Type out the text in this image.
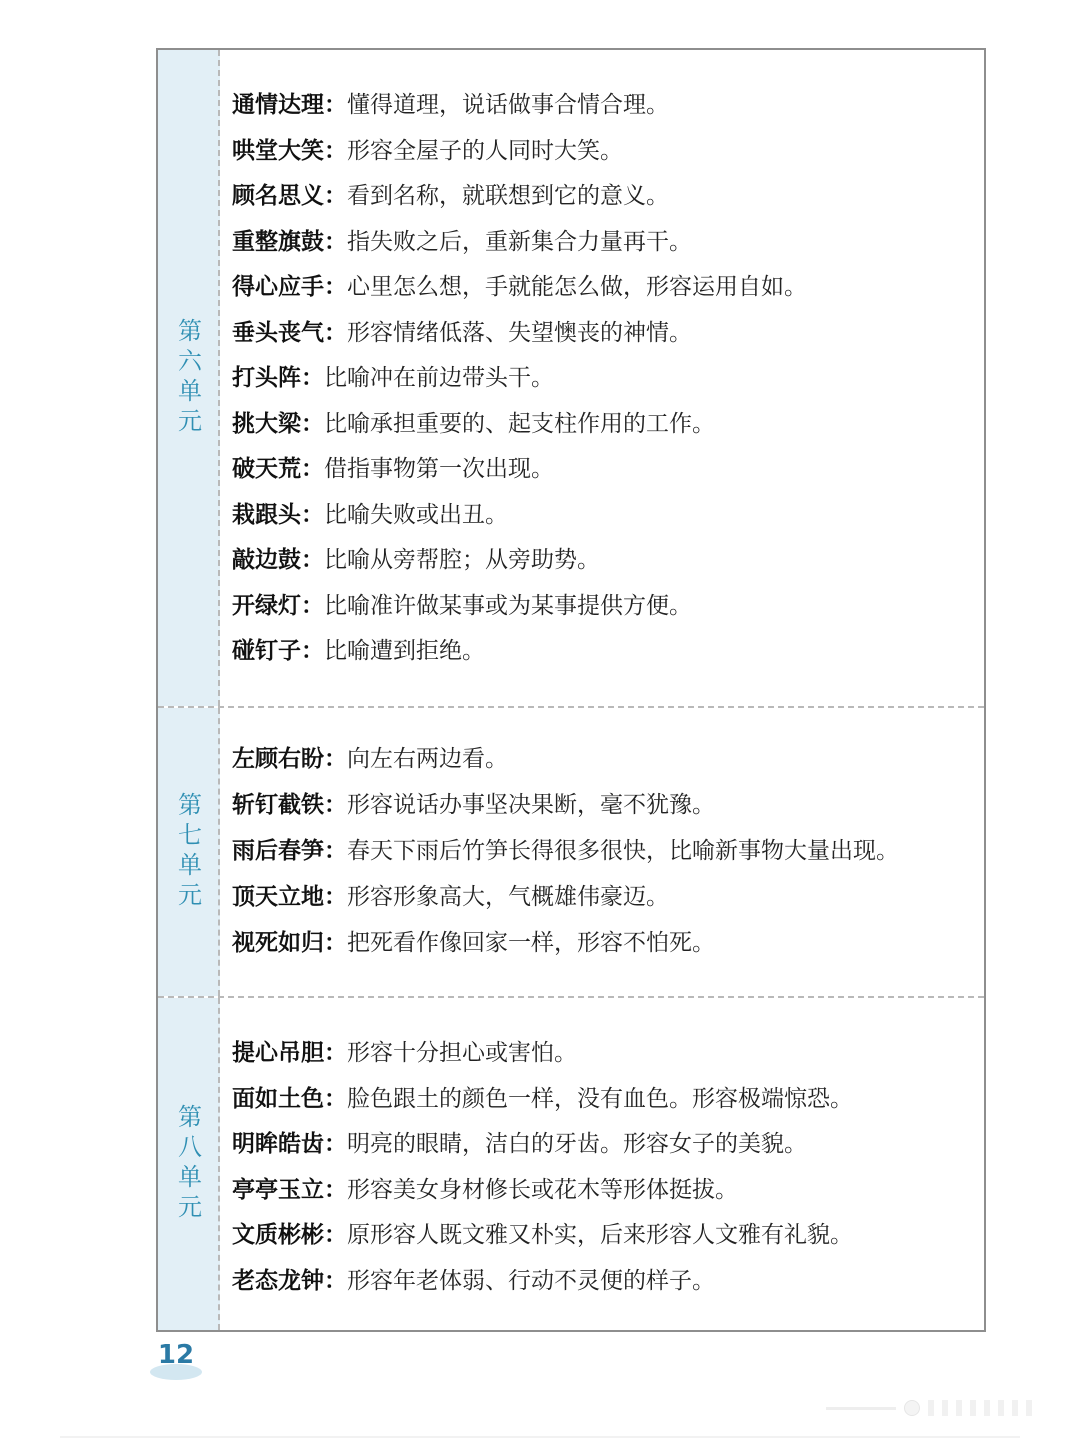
第六单元
通情达理：懂得道理，说话做事合情合理。
哄堂大笑：形容全屋子的人同时大笑。
顾名思义：看到名称，就联想到它的意义。
重整旗鼓：指失败之后，重新集合力量再干。
得心应手：心里怎么想，手就能怎么做，形容运用自如。
垂头丧气：形容情绪低落、失望懊丧的神情。
打头阵：比喻冲在前边带头干。
挑大梁：比喻承担重要的、起支柱作用的工作。
破天荒：借指事物第一次出现。
栽跟头：比喻失败或出丑。
敲边鼓：比喻从旁帮腔；从旁助势。
开绿灯：比喻准许做某事或为某事提供方便。
碰钉子：比喻遭到拒绝。
第七单元
左顾右盼：向左右两边看。
斩钉截铁：形容说话办事坚决果断，毫不犹豫。
雨后春笋：春天下雨后竹笋长得很多很快，比喻新事物大量出现。
顶天立地：形容形象高大，气概雄伟豪迈。
视死如归：把死看作像回家一样，形容不怕死。
第八单元
提心吊胆：形容十分担心或害怕。
面如土色：脸色跟土的颜色一样，没有血色。形容极端惊恐。
明眸皓齿：明亮的眼睛，洁白的牙齿。形容女子的美貌。
亭亭玉立：形容美女身材修长或花木等形体挺拔。
文质彬彬：原形容人既文雅又朴实，后来形容人文雅有礼貌。
老态龙钟：形容年老体弱、行动不灵便的样子。
12
